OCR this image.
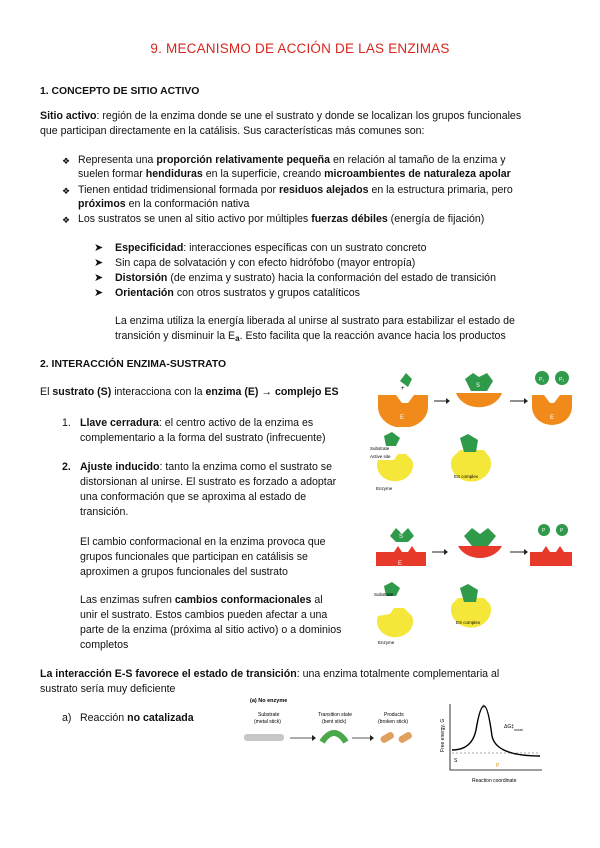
9. MECANISMO DE ACCIÓN DE LAS ENZIMAS
1. CONCEPTO DE SITIO ACTIVO
Sitio activo: región de la enzima donde se une el sustrato y donde se localizan los grupos funcionales
que participan directamente en la catálisis. Sus características más comunes son:
❖ Representa una proporción relativamente pequeña en relación al tamaño de la enzima y
suelen formar hendiduras en la superficie, creando microambientes de naturaleza apolar
❖ Tienen entidad tridimensional formada por residuos alejados en la estructura primaria, pero
próximos en la conformación nativa
❖ Los sustratos se unen al sitio activo por múltiples fuerzas débiles (energía de fijación)
➤ Especificidad: interacciones específicas con un sustrato concreto
➤ Sin capa de solvatación y con efecto hidrófobo (mayor entropía)
➤ Distorsión (de enzima y sustrato) hacia la conformación del estado de transición
➤ Orientación con otros sustratos y grupos catalíticos
La enzima utiliza la energía liberada al unirse al sustrato para estabilizar el estado de
transición y disminuir la $E_a$. Esto facilita que la reacción avance hacia los productos
2. INTERACCIÓN ENZIMA-SUSTRATO
El sustrato (S) interacciona con la enzima (E) → complejo ES
1. Llave cerradura: el centro activo de la enzima es
complementario a la forma del sustrato (infrecuente)
2. Ajuste inducido: tanto la enzima como el sustrato se
distorsionan al unirse. El sustrato es forzado a adoptar
una conformación que se aproxima al estado de
transición.
El cambio conformacional en la enzima provoca que
grupos funcionales que participan en catálisis se
aproximen a grupos funcionales del sustrato
Las enzimas sufren cambios conformacionales al
unir el sustrato. Estos cambios pueden afectar a una
parte de la enzima (próxima al sitio activo) o a dominios
completos
La interacción E-S favorece el estado de transición: una enzima totalmente complementaria al
sustrato sería muy deficiente
a) Reacción no catalizada
+
E
S
P₁	P₂
E
Substrate
Active site
Enzyme
ES complex
E
S
P	P
Substrate
Enzyme
ES complex
(a) No enzyme
Substrate
(metal stick)
Transition state
(bent stick)
Products
(broken stick)	Free energy, G
‡
ΔG‡ uncat
S
P
Reaction coordinate
